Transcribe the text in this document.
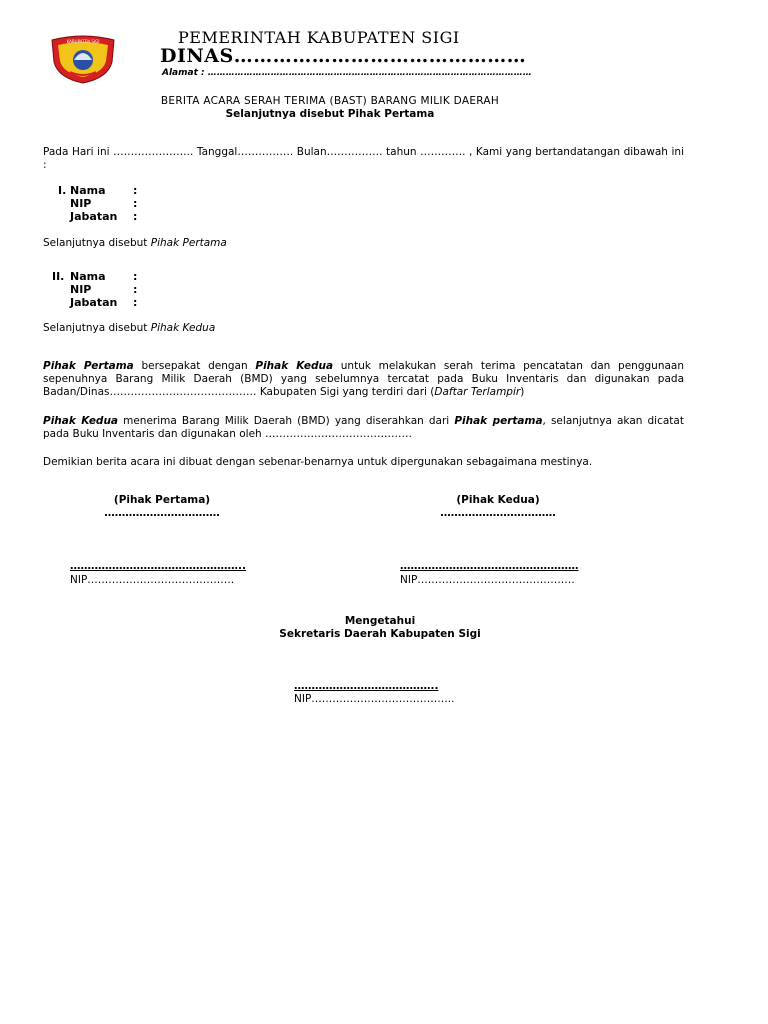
KABUPATEN SIGI	PEMERINTAH KABUPATEN SIGI
DINAS………………………………………
Alamat : ………………………………………………………………………………………………
BERITA ACARA SERAH TERIMA (BAST) BARANG MILIK DAERAH
Selanjutnya disebut Pihak Pertama
Pada Hari ini ………………….. Tanggal……………. Bulan……………. tahun …………. , Kami yang bertandatangan dibawah ini :
I. Nama :
NIP	:
Jabatan :
Selanjutnya disebut Pihak Pertama
II. Nama :
NIP	:
Jabatan :
Selanjutnya disebut Pihak Kedua
Pihak Pertama bersepakat dengan Pihak Kedua untuk melakukan serah terima pencatatan dan penggunaan sepenuhnya Barang Milik Daerah (BMD) yang sebelumnya tercatat pada Buku Inventaris dan digunakan pada Badan/Dinas…………………………………… Kabupaten Sigi yang terdiri dari (Daftar Terlampir)
Pihak Kedua menerima Barang Milik Daerah (BMD) yang diserahkan dari Pihak pertama, selanjutnya akan dicatat pada Buku Inventaris dan digunakan oleh ……………………………………
Demikian berita acara ini dibuat dengan sebenar-benarnya untuk dipergunakan sebagaimana mestinya.
(Pihak Pertama)
……………………………
(Pihak Kedua)
……………………………
…………………………………………..
NIP……………………………………
……………………………………………
NIP………………………………………
Mengetahui
Sekretaris Daerah Kabupaten Sigi
…………………………………..
NIP…………………………………..
